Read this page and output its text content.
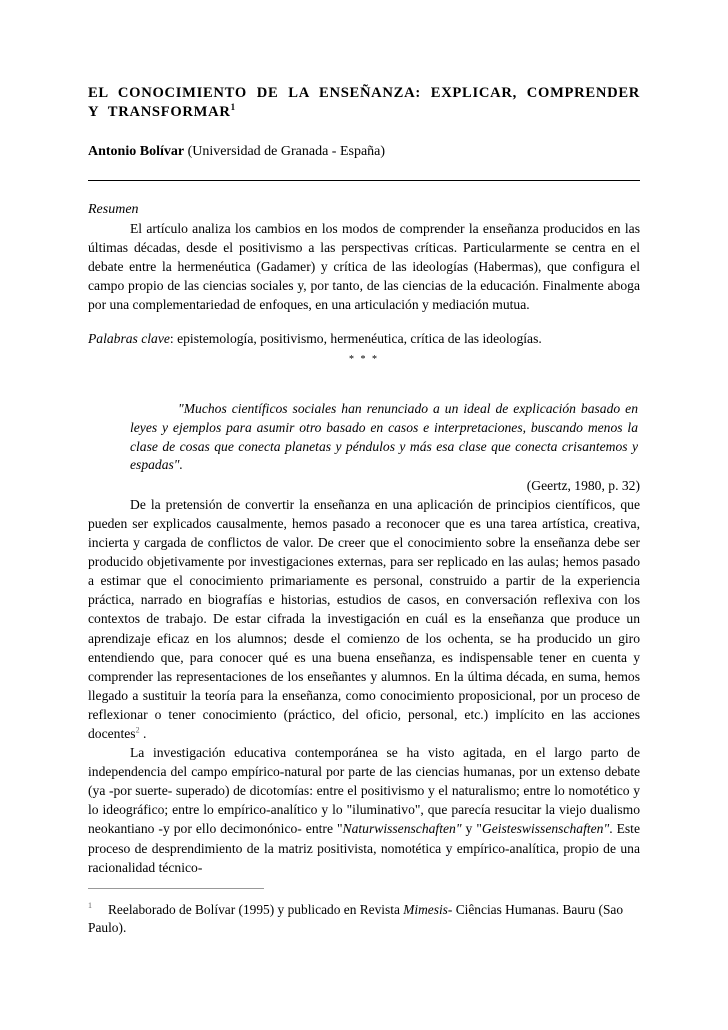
EL CONOCIMIENTO DE LA ENSEÑANZA: EXPLICAR, COMPRENDER Y TRANSFORMAR$^1$
Antonio Bolívar (Universidad de Granada - España)
Resumen

El artículo analiza los cambios en los modos de comprender la enseñanza producidos en las últimas décadas, desde el positivismo a las perspectivas críticas. Particularmente se centra en el debate entre la hermenéutica (Gadamer) y crítica de las ideologías (Habermas), que configura el campo propio de las ciencias sociales y, por tanto, de las ciencias de la educación. Finalmente aboga por una complementariedad de enfoques, en una articulación y mediación mutua.

Palabras clave: epistemología, positivismo, hermenéutica, crítica de las ideologías.
* * *
"Muchos científicos sociales han renunciado a un ideal de explicación basado en leyes y ejemplos para asumir otro basado en casos e interpretaciones, buscando menos la clase de cosas que conecta planetas y péndulos y más esa clase que conecta crisantemos y espadas".
(Geertz, 1980, p. 32)

De la pretensión de convertir la enseñanza en una aplicación de principios científicos, que pueden ser explicados causalmente, hemos pasado a reconocer que es una tarea artística, creativa, incierta y cargada de conflictos de valor. De creer que el conocimiento sobre la enseñanza debe ser producido objetivamente por investigaciones externas, para ser replicado en las aulas; hemos pasado a estimar que el conocimiento primariamente es personal, construido a partir de la experiencia práctica, narrado en biografías e historias, estudios de casos, en conversación reflexiva con los contextos de trabajo. De estar cifrada la investigación en cuál es la enseñanza que produce un aprendizaje eficaz en los alumnos; desde el comienzo de los ochenta, se ha producido un giro entendiendo que, para conocer qué es una buena enseñanza, es indispensable tener en cuenta y comprender las representaciones de los enseñantes y alumnos. En la última década, en suma, hemos llegado a sustituir la teoría para la enseñanza, como conocimiento proposicional, por un proceso de reflexionar o tener conocimiento (práctico, del oficio, personal, etc.) implícito en las acciones docentes$^2$ .

La investigación educativa contemporánea se ha visto agitada, en el largo parto de independencia del campo empírico-natural por parte de las ciencias humanas, por un extenso debate (ya -por suerte- superado) de dicotomías: entre el positivismo y el naturalismo; entre lo nomotético y lo ideográfico; entre lo empírico-analítico y lo "iluminativo", que parecía resucitar la viejo dualismo neokantiano -y por ello decimonónico- entre "Naturwissenschaften" y "Geisteswissenschaften". Este proceso de desprendimiento de la matriz positivista, nomotética y empírico-analítica, propio de una racionalidad técnico-

$^1$ Reelaborado de Bolívar (1995) y publicado en Revista Mimesis- Ciências Humanas. Bauru (Sao Paulo).
